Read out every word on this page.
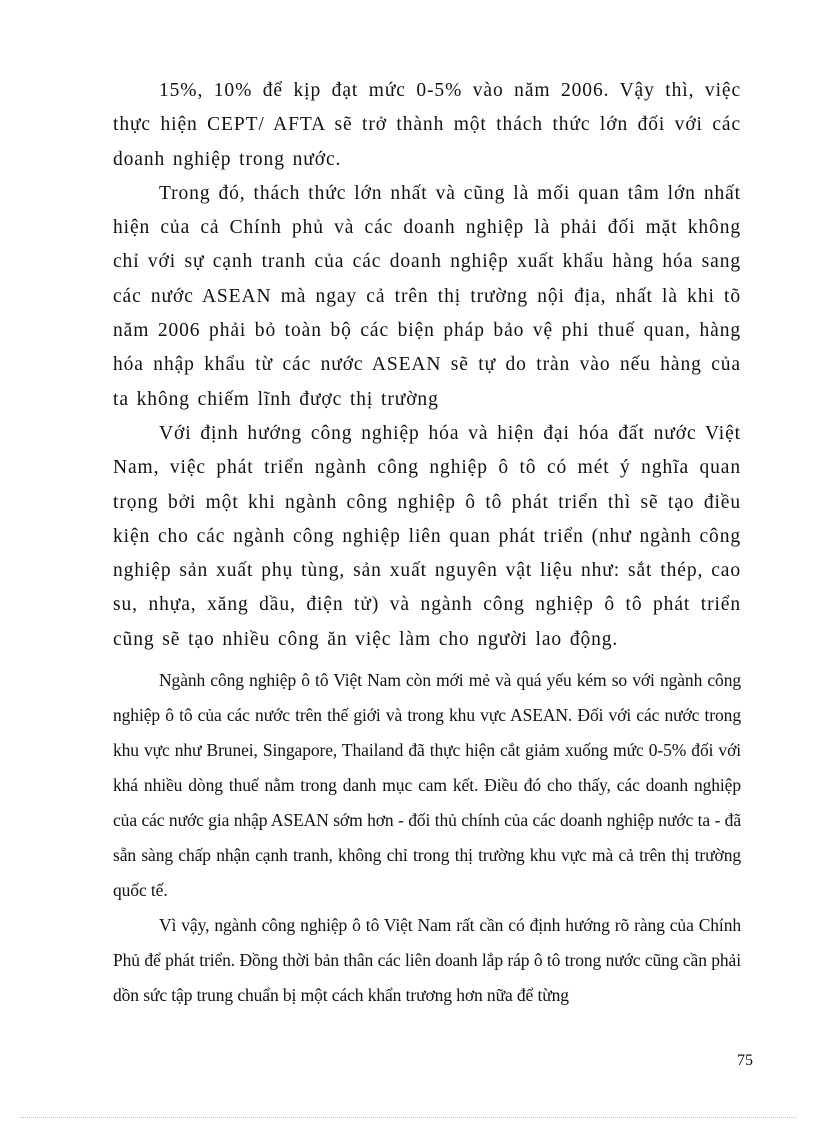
15%, 10% để kịp đạt mức 0-5% vào năm 2006. Vậy thì, việc thực hiện CEPT/ AFTA sẽ trở thành một thách thức lớn đối với các doanh nghiệp trong nước.

Trong đó, thách thức lớn nhất và cũng là mối quan tâm lớn nhất hiện của cả Chính phủ và các doanh nghiệp là phải đối mặt không chỉ với sự cạnh tranh của các doanh nghiệp xuất khẩu hàng hóa sang các nước ASEAN mà ngay cả trên thị trường nội địa, nhất là khi tõ năm 2006 phải bỏ toàn bộ các biện pháp bảo vệ phi thuế quan, hàng hóa nhập khẩu từ các nước ASEAN sẽ tự do tràn vào nếu hàng của ta không chiếm lĩnh được thị trường

Với định hướng công nghiệp hóa và hiện đại hóa đất nước Việt Nam, việc phát triển ngành công nghiệp ô tô có mét ý nghĩa quan trọng bởi một khi ngành công nghiệp ô tô phát triển thì sẽ tạo điều kiện cho các ngành công nghiệp liên quan phát triển (như ngành công nghiệp sản xuất phụ tùng, sản xuất nguyên vật liệu như: sắt thép, cao su, nhựa, xăng dầu, điện tử) và ngành công nghiệp ô tô phát triển cũng sẽ tạo nhiều công ăn việc làm cho người lao động.

Ngành công nghiệp ô tô Việt Nam còn mới mẻ và quá yếu kém so với ngành công nghiệp ô tô của các nước trên thế giới và trong khu vực ASEAN. Đối với các nước trong khu vực như Brunei, Singapore, Thailand đã thực hiện cắt giảm xuống mức 0-5% đối với khá nhiều dòng thuế nằm trong danh mục cam kết. Điều đó cho thấy, các doanh nghiệp của các nước gia nhập ASEAN sớm hơn - đối thủ chính của các doanh nghiệp nước ta - đã sẵn sàng chấp nhận cạnh tranh, không chỉ trong thị trường khu vực mà cả trên thị trường quốc tế.

Vì vậy, ngành công nghiệp ô tô Việt Nam rất cần có định hướng rõ ràng của Chính Phủ để phát triển. Đồng thời bản thân các liên doanh lắp ráp ô tô trong nước cũng cần phải dồn sức tập trung chuẩn bị một cách khẩn trương hơn nữa để từng

75
